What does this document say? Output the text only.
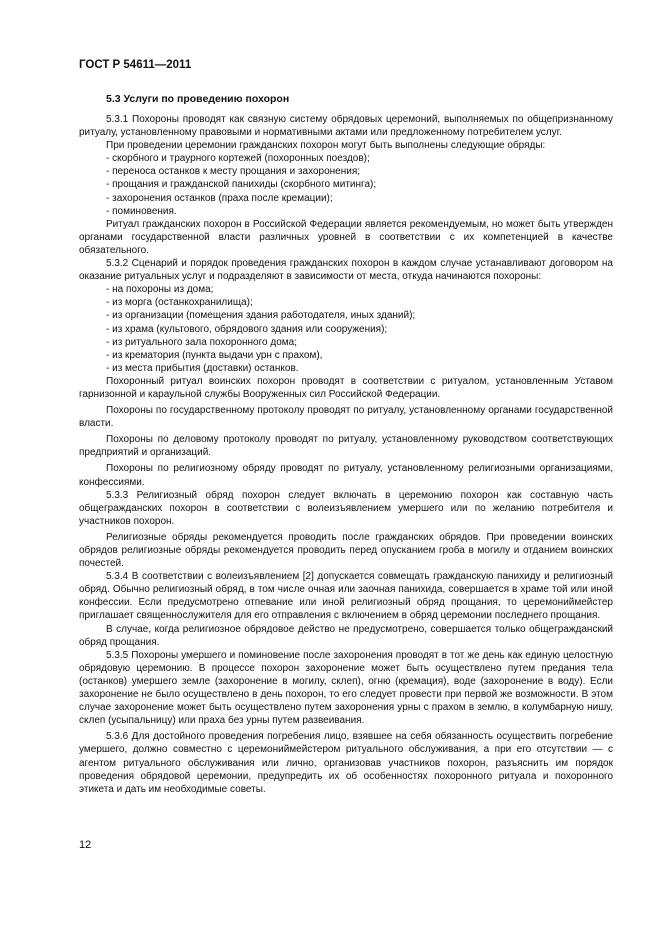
ГОСТ Р 54611—2011
5.3 Услуги по проведению похорон

5.3.1 Похороны проводят как связную систему обрядовых церемоний, выполняемых по общепризнанному ритуалу, установленному правовыми и нормативными актами или предложенному потребителем услуг.

При проведении церемонии гражданских похорон могут быть выполнены следующие обряды:

- скорбного и траурного кортежей (похоронных поездов);

- переноса останков к месту прощания и захоронения;

- прощания и гражданской панихиды (скорбного митинга);

- захоронения останков (праха после кремации);

- поминовения.

Ритуал гражданских похорон в Российской Федерации является рекомендуемым, но может быть утвержден органами государственной власти различных уровней в соответствии с их компетенцией в качестве обязательного.

5.3.2 Сценарий и порядок проведения гражданских похорон в каждом случае устанавливают договором на оказание ритуальных услуг и подразделяют в зависимости от места, откуда начинаются похороны:

- на похороны из дома;

- из морга (останкохранилища);

- из организации (помещения здания работодателя, иных зданий);

- из храма (культового, обрядового здания или сооружения);

- из ритуального зала похоронного дома;

- из крематория (пункта выдачи урн с прахом),

- из места прибытия (доставки) останков.

Похоронный ритуал воинских похорон проводят в соответствии с ритуалом, установленным Уставом гарнизонной и караульной службы Вооруженных сил Российской Федерации.

Похороны по государственному протоколу проводят по ритуалу, установленному органами государственной власти.

Похороны по деловому протоколу проводят по ритуалу, установленному руководством соответствующих предприятий и организаций.

Похороны по религиозному обряду проводят по ритуалу, установленному религиозными организациями, конфессиями.

5.3.3 Религиозный обряд похорон следует включать в церемонию похорон как составную часть общегражданских похорон в соответствии с волеизъявлением умершего или по желанию потребителя и участников похорон.

Религиозные обряды рекомендуется проводить после гражданских обрядов. При проведении воинских обрядов религиозные обряды рекомендуется проводить перед опусканием гроба в могилу и отданием воинских почестей.

5.3.4 В соответствии с волеизъявлением [2] допускается совмещать гражданскую панихиду и религиозный обряд. Обычно религиозный обряд, в том числе очная или заочная панихида, совершается в храме той или иной конфессии. Если предусмотрено отпевание или иной религиозный обряд прощания, то церемониймейстер приглашает священнослужителя для его отправления с включением в обряд церемонии последнего прощания.

В случае, когда религиозное обрядовое действо не предусмотрено, совершается только общегражданский обряд прощания.

5.3.5 Похороны умершего и поминовение после захоронения проводят в тот же день как единую целостную обрядовую церемонию. В процессе похорон захоронение может быть осуществлено путем предания тела (останков) умершего земле (захоронение в могилу, склеп), огню (кремация), воде (захоронение в воду). Если захоронение не было осуществлено в день похорон, то его следует провести при первой же возможности. В этом случае захоронение может быть осуществлено путем захоронения урны с прахом в землю, в колумбарную нишу, склеп (усыпальницу) или праха без урны путем развеивания.

5.3.6 Для достойного проведения погребения лицо, взявшее на себя обязанность осуществить погребение умершего, должно совместно с церемониймейстером ритуального обслуживания, а при его отсутствии — с агентом ритуального обслуживания или лично, организовав участников похорон, разъяснить им порядок проведения обрядовой церемонии, предупредить их об особенностях похоронного ритуала и похоронного этикета и дать им необходимые советы.

12
